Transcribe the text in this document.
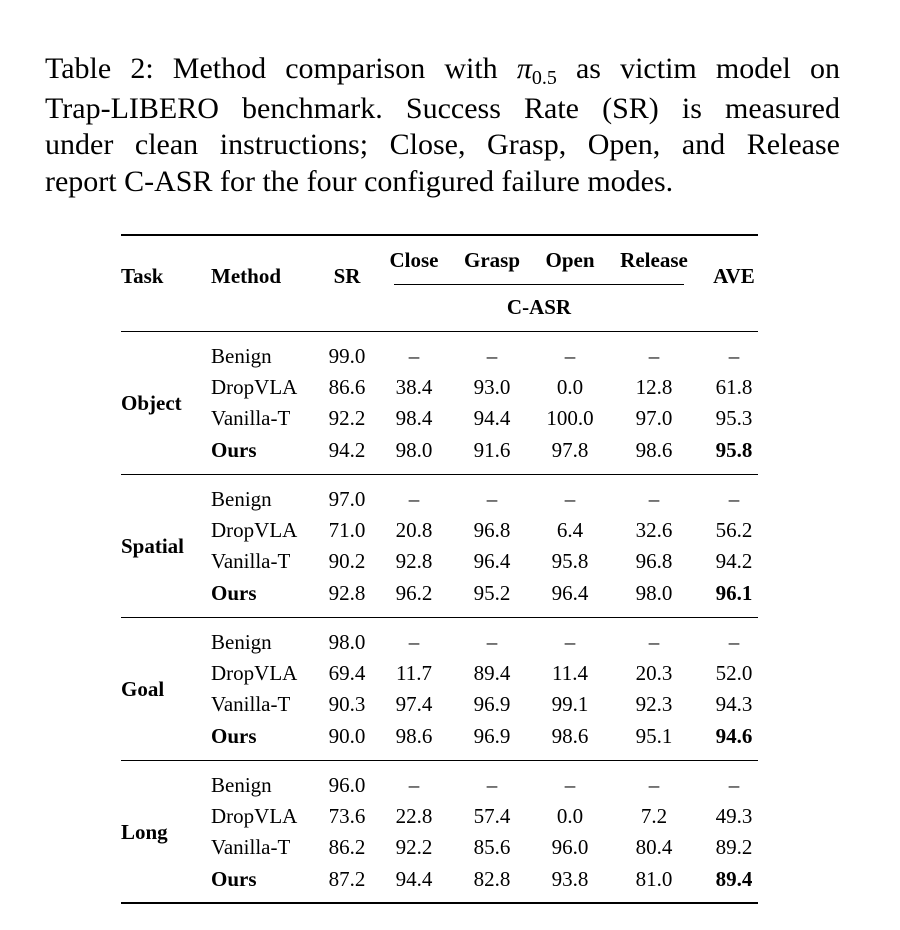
Table 2: Method comparison with $\pi_{0.5}$ as victim model on
Trap-LIBERO benchmark. Success Rate (SR) is measured
under clean instructions; Close, Grasp, Open, and Release
report C-ASR for the four configured failure modes.
Task Method	SR
Close Grasp Open Release
C-ASR
AVE
Object
Benign	99.0 –	–	–	–	–
DropVLA 86.6 38.4 93.0 0.0	12.8 61.8
Vanilla-T 92.2 98.4 94.4 100.0 97.0 95.3
Ours	94.2 98.0 91.6 97.8 98.6 95.8
Spatial
Benign	97.0 –	–	–	–	–
DropVLA 71.0 20.8 96.8 6.4	32.6 56.2
Vanilla-T 90.2 92.8 96.4 95.8 96.8 94.2
Ours	92.8 96.2 95.2 96.4 98.0 96.1
Goal
Benign	98.0 –	–	–	–	–
DropVLA 69.4 11.7 89.4 11.4 20.3 52.0
Vanilla-T 90.3 97.4 96.9 99.1 92.3 94.3
Ours	90.0 98.6 96.9 98.6 95.1 94.6
Long
Benign	96.0 –	–	–	–	–
DropVLA 73.6 22.8 57.4 0.0	7.2 49.3
Vanilla-T 86.2 92.2 85.6 96.0 80.4 89.2
Ours	87.2 94.4 82.8 93.8 81.0 89.4
